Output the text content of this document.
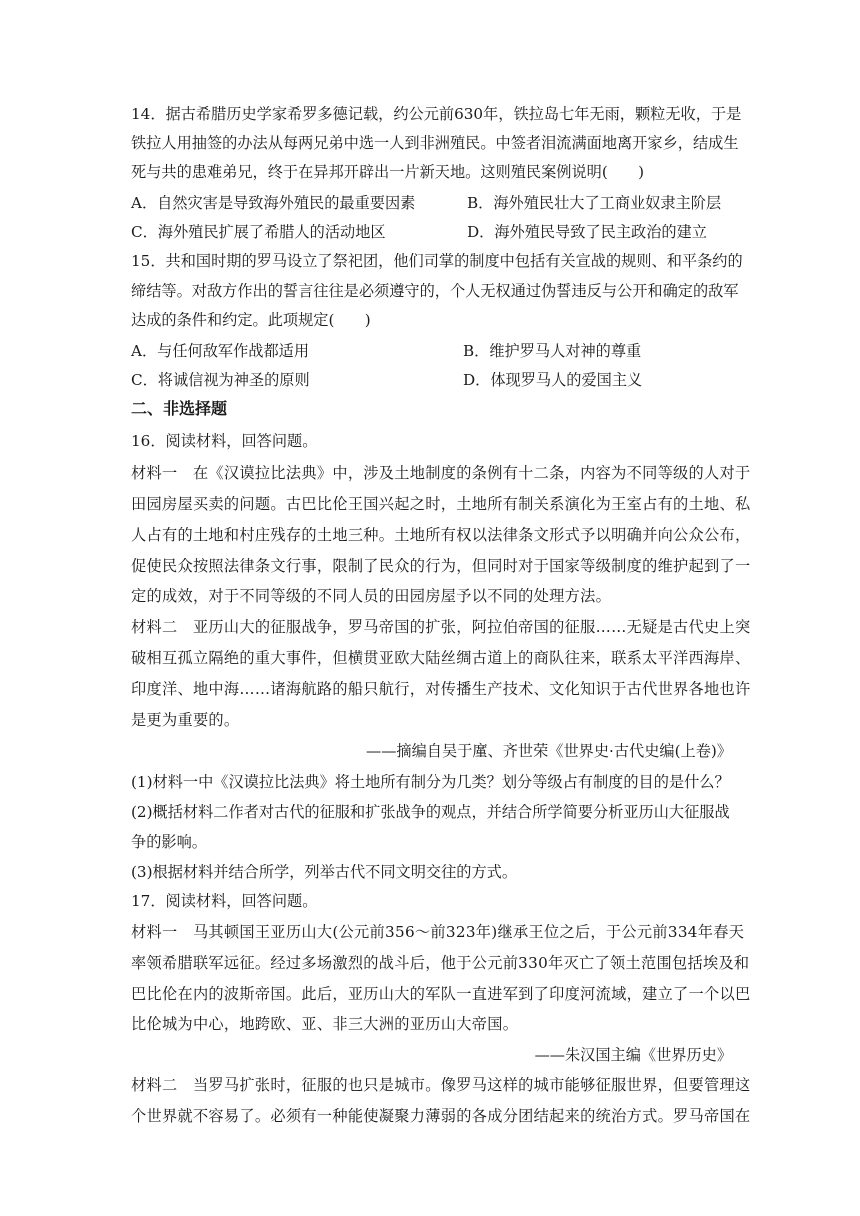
14．据古希腊历史学家希罗多德记载，约公元前630年，铁拉岛七年无雨，颗粒无收，于是
铁拉人用抽签的办法从每两兄弟中选一人到非洲殖民。中签者泪流满面地离开家乡，结成生
死与共的患难弟兄，终于在异邦开辟出一片新天地。这则殖民案例说明(　　)
A．自然灾害是导致海外殖民的最重要因素	B．海外殖民壮大了工商业奴隶主阶层
C．海外殖民扩展了希腊人的活动地区	D．海外殖民导致了民主政治的建立
15．共和国时期的罗马设立了祭祀团，他们司掌的制度中包括有关宣战的规则、和平条约的
缔结等。对敌方作出的誓言往往是必须遵守的，个人无权通过伪誓违反与公开和确定的敌军
达成的条件和约定。此项规定(　　)
A．与任何敌军作战都适用	B．维护罗马人对神的尊重
C．将诚信视为神圣的原则	D．体现罗马人的爱国主义
二、非选择题
16．阅读材料，回答问题。
材料一　在《汉谟拉比法典》中，涉及土地制度的条例有十二条，内容为不同等级的人对于
田园房屋买卖的问题。古巴比伦王国兴起之时，土地所有制关系演化为王室占有的土地、私
人占有的土地和村庄残存的土地三种。土地所有权以法律条文形式予以明确并向公众公布，
促使民众按照法律条文行事，限制了民众的行为，但同时对于国家等级制度的维护起到了一
定的成效，对于不同等级的不同人员的田园房屋予以不同的处理方法。
材料二　亚历山大的征服战争，罗马帝国的扩张，阿拉伯帝国的征服……无疑是古代史上突
破相互孤立隔绝的重大事件，但横贯亚欧大陆丝绸古道上的商队往来，联系太平洋西海岸、
印度洋、地中海……诸海航路的船只航行，对传播生产技术、文化知识于古代世界各地也许
是更为重要的。
——摘编自吴于廑、齐世荣《世界史·古代史编(上卷)》
(1)材料一中《汉谟拉比法典》将土地所有制分为几类？划分等级占有制度的目的是什么？
(2)概括材料二作者对古代的征服和扩张战争的观点，并结合所学简要分析亚历山大征服战
争的影响。
(3)根据材料并结合所学，列举古代不同文明交往的方式。
17．阅读材料，回答问题。
材料一　马其顿国王亚历山大(公元前356～前323年)继承王位之后，于公元前334年春天
率领希腊联军远征。经过多场激烈的战斗后，他于公元前330年灭亡了领土范围包括埃及和
巴比伦在内的波斯帝国。此后，亚历山大的军队一直进军到了印度河流域，建立了一个以巴
比伦城为中心，地跨欧、亚、非三大洲的亚历山大帝国。
——朱汉国主编《世界历史》
材料二　当罗马扩张时，征服的也只是城市。像罗马这样的城市能够征服世界，但要管理这
个世界就不容易了。必须有一种能使凝聚力薄弱的各成分团结起来的统治方式。罗马帝国在
